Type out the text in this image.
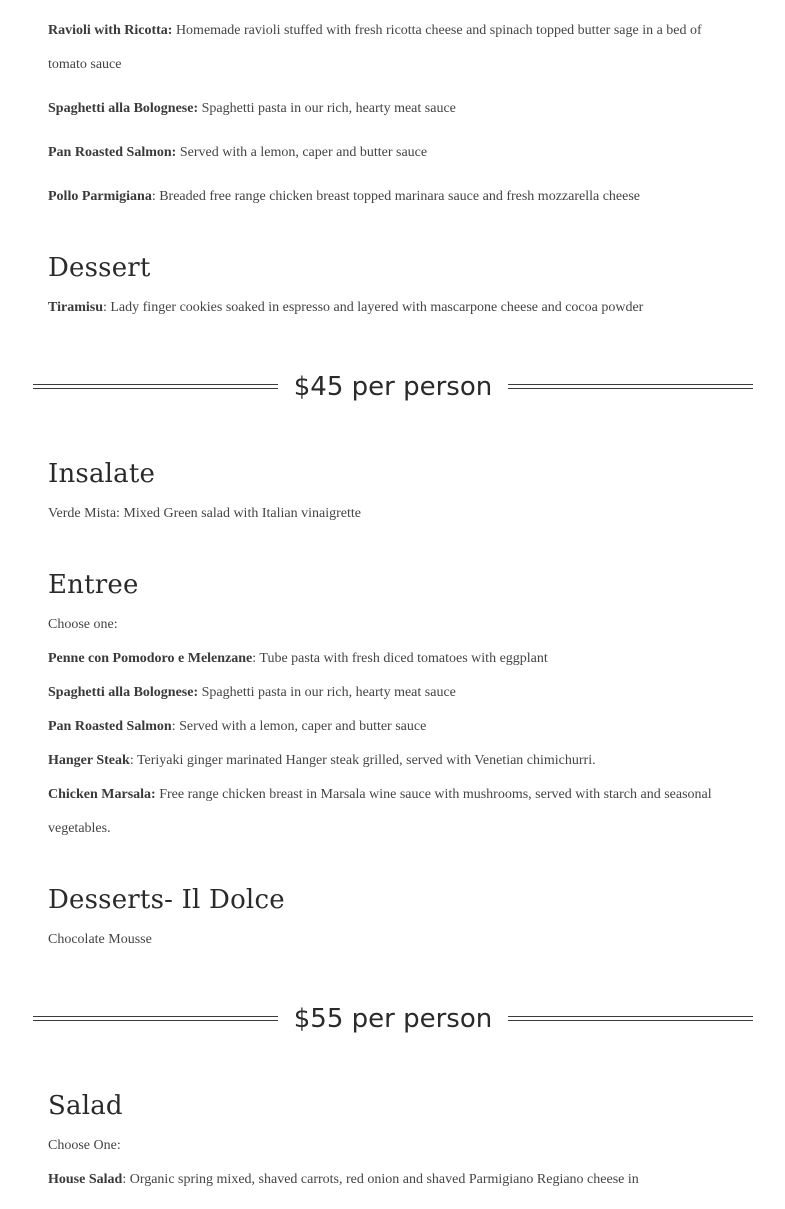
Ravioli with Ricotta: Homemade ravioli stuffed with fresh ricotta cheese and spinach topped butter sage in a bed of tomato sauce
Spaghetti alla Bolognese: Spaghetti pasta in our rich, hearty meat sauce
Pan Roasted Salmon: Served with a lemon, caper and butter sauce
Pollo Parmigiana: Breaded free range chicken breast topped marinara sauce and fresh mozzarella cheese
Dessert
Tiramisu: Lady finger cookies soaked in espresso and layered with mascarpone cheese and cocoa powder
$45 per person
Insalate
Verde Mista: Mixed Green salad with Italian vinaigrette
Entree
Choose one:
Penne con Pomodoro e Melenzane: Tube pasta with fresh diced tomatoes with eggplant
Spaghetti alla Bolognese: Spaghetti pasta in our rich, hearty meat sauce
Pan Roasted Salmon: Served with a lemon, caper and butter sauce
Hanger Steak: Teriyaki ginger marinated Hanger steak grilled, served with Venetian chimichurri.
Chicken Marsala: Free range chicken breast in Marsala wine sauce with mushrooms, served with starch and seasonal vegetables.
Desserts- Il Dolce
Chocolate Mousse
$55 per person
Salad
Choose One:
House Salad: Organic spring mixed, shaved carrots, red onion and shaved Parmigiano Regiano cheese in
